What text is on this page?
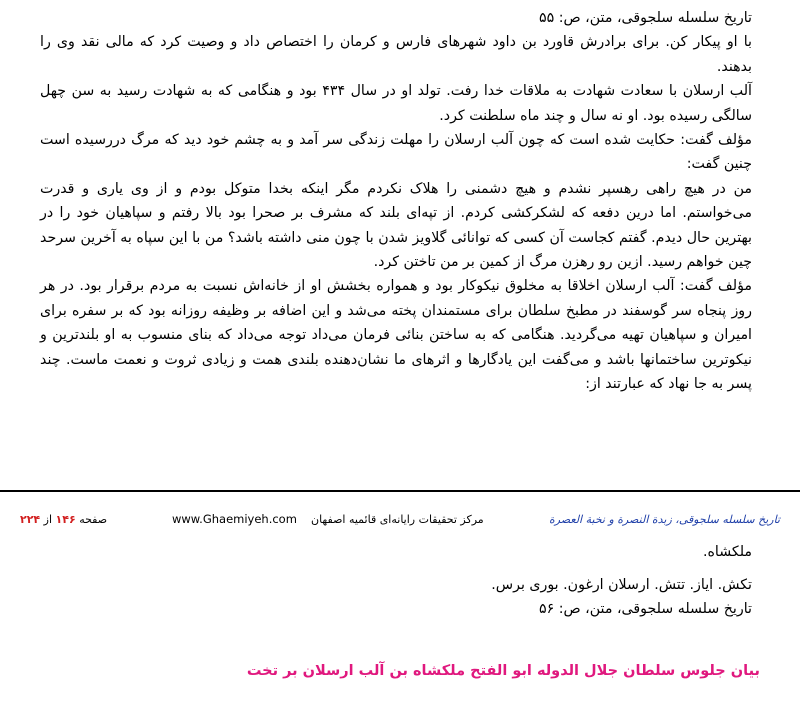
تاریخ سلسله سلجوقی، متن، ص: ۵۵

با او پیکار کن. برای برادرش قاورد بن داود شهرهای فارس و کرمان را اختصاص داد و وصیت کرد که مالی نقد وی را بدهند.

آلب ارسلان با سعادت شهادت به ملاقات خدا رفت. تولد او در سال ۴۳۴ بود و هنگامی که به شهادت رسید به سن چهل سالگی رسیده بود. او نه سال و چند ماه سلطنت کرد.

مؤلف گفت: حکایت شده است که چون آلب ارسلان را مهلت زندگی سر آمد و به چشم خود دید که مرگ دررسیده است چنین گفت:

من در هیچ راهی رهسپر نشدم و هیچ دشمنی را هلاک نکردم مگر اینکه بخدا متوکل بودم و از وی یاری و قدرت می‌خواستم. اما درین دفعه که لشکرکشی کردم. از تپه‌ای بلند که مشرف بر صحرا بود بالا رفتم و سپاهیان خود را در بهترین حال دیدم. گفتم کجاست آن کسی که توانائی گلاویز شدن با چون منی داشته باشد؟ من با این سپاه به آخرین سرحد چین خواهم رسید. ازین رو رهزن مرگ از کمین بر من تاختن کرد.

مؤلف گفت: آلب ارسلان اخلاقا به مخلوق نیکوکار بود و همواره بخشش او از خانه‌اش نسبت به مردم برقرار بود. در هر روز پنجاه سر گوسفند در مطبخ سلطان برای مستمندان پخته می‌شد و این اضافه بر وظیفه روزانه بود که بر سفره برای امیران و سپاهیان تهیه می‌گردید. هنگامی که به ساختن بنائی فرمان می‌داد توجه می‌داد که بنای منسوب به او بلندترین و نیکوترین ساختمانها باشد و می‌گفت این یادگارها و اثرهای ما نشان‌دهنده بلندی همت و زیادی ثروت و نعمت ماست. چند پسر به جا نهاد که عبارتند از:

تاریخ سلسله سلجوقی، زبدة النصرة و نخبة العصرة
مرکز تحقیقات رایانه‌ای قائمیه اصفهان
www.Ghaemiyeh.com
صفحه ۱۴۶ از ۲۲۴

ملکشاه.

تکش. ایاز. تتش. ارسلان ارغون. بوری برس.

تاریخ سلسله سلجوقی، متن، ص: ۵۶

بیان جلوس سلطان جلال الدوله ابو الفتح ملکشاه بن آلب ارسلان بر تخت
